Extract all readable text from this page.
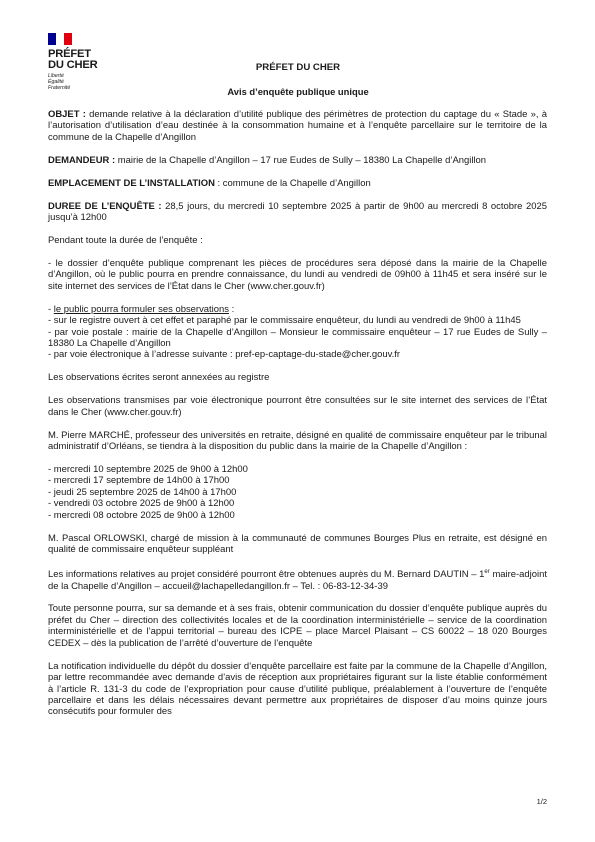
PRÉFET
DU CHER
Liberté
Égalité
Fraternité
PRÉFET DU CHER
Avis d’enquête publique unique

OBJET : demande relative à la déclaration d’utilité publique des périmètres de protection du captage du « Stade », à l’autorisation d’utilisation d’eau destinée à la consommation humaine et à l’enquête parcellaire sur le territoire de la commune de la Chapelle d’Angillon

DEMANDEUR : mairie de la Chapelle d’Angillon – 17 rue Eudes de Sully – 18380 La Chapelle d’Angillon

EMPLACEMENT DE L’INSTALLATION : commune de la Chapelle d’Angillon

DUREE DE L’ENQUÊTE : 28,5 jours, du mercredi 10 septembre 2025 à partir de 9h00 au mercredi 8 octobre 2025 jusqu’à 12h00

Pendant toute la durée de l’enquête :

- le dossier d’enquête publique comprenant les pièces de procédures sera déposé dans la mairie de la Chapelle d’Angillon, où le public pourra en prendre connaissance, du lundi au vendredi de 09h00 à 11h45 et sera inséré sur le site internet des services de l’État dans le Cher (www.cher.gouv.fr)

- le public pourra formuler ses observations :
- sur le registre ouvert à cet effet et paraphé par le commissaire enquêteur, du lundi au vendredi de 9h00 à 11h45
- par voie postale : mairie de la Chapelle d’Angillon – Monsieur le commissaire enquêteur – 17 rue Eudes de Sully – 18380 La Chapelle d’Angillon

- par voie électronique à l’adresse suivante : pref-ep-captage-du-stade@cher.gouv.fr

Les observations écrites seront annexées au registre

Les observations transmises par voie électronique pourront être consultées sur le site internet des services de l’État dans le Cher (www.cher.gouv.fr)

M. Pierre MARCHÉ, professeur des universités en retraite, désigné en qualité de commissaire enquêteur par le tribunal administratif d’Orléans, se tiendra à la disposition du public dans la mairie de la Chapelle d’Angillon :

- mercredi 10 septembre 2025 de 9h00 à 12h00
- mercredi 17 septembre de 14h00 à 17h00
- jeudi 25 septembre 2025 de 14h00 à 17h00
- vendredi 03 octobre 2025 de 9h00 à 12h00
- mercredi 08 octobre 2025 de 9h00 à 12h00

M. Pascal ORLOWSKI, chargé de mission à la communauté de communes Bourges Plus en retraite, est désigné en qualité de commissaire enquêteur suppléant

Les informations relatives au projet considéré pourront être obtenues auprès du M. Bernard DAUTIN – 1er maire-adjoint de la Chapelle d’Angillon – accueil@lachapelledangillon.fr – Tel. : 06-83-12-34-39

Toute personne pourra, sur sa demande et à ses frais, obtenir communication du dossier d’enquête publique auprès du préfet du Cher – direction des collectivités locales et de la coordination interministérielle – service de la coordination interministérielle et de l’appui territorial – bureau des ICPE – place Marcel Plaisant – CS 60022 – 18 020 Bourges CEDEX – dès la publication de l’arrêté d’ouverture de l’enquête

La notification individuelle du dépôt du dossier d’enquête parcellaire est faite par la commune de la Chapelle d’Angillon, par lettre recommandée avec demande d’avis de réception aux propriétaires figurant sur la liste établie conformément à l’article R. 131-3 du code de l’expropriation pour cause d’utilité publique, préalablement à l’ouverture de l’enquête parcellaire et dans les délais nécessaires devant permettre aux propriétaires de disposer d’au moins quinze jours consécutifs pour formuler des

1/2
